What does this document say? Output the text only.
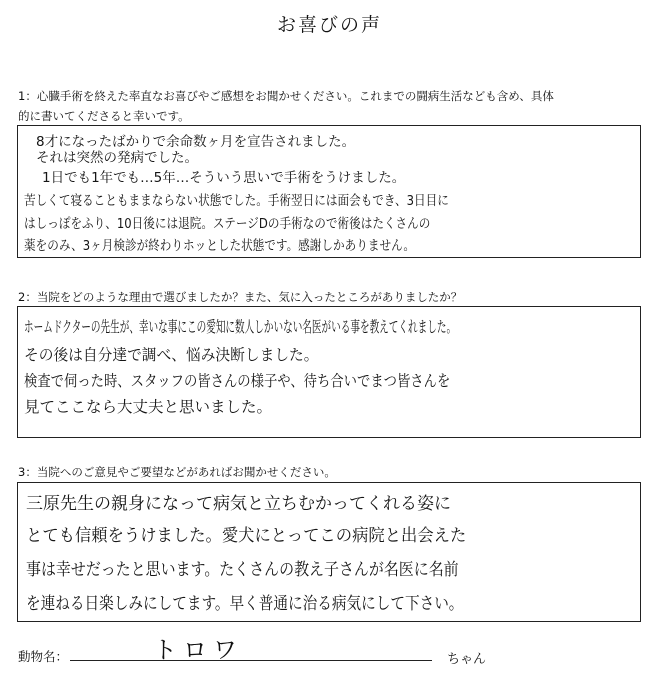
お喜びの声
1：心臓手術を終えた率直なお喜びやご感想をお聞かせください。これまでの闘病生活なども含め、具体
的に書いてくださると幸いです。
8才になったばかりで余命数ヶ月を宣告されました。
それは突然の発病でした。
1日でも1年でも…5年…そういう思いで手術をうけました。
苦しくて寝ることもままならない状態でした。手術翌日には面会もでき、3日目に
はしっぽをふり、10日後には退院。ステージDの手術なので術後はたくさんの
薬をのみ、3ヶ月検診が終わりホッとした状態です。感謝しかありません。
2：当院をどのような理由で選びましたか？また、気に入ったところがありましたか？
ホームドクターの先生が、幸いな事にこの愛知に数人しかいない名医がいる事を教えてくれました。
その後は自分達で調べ、悩み決断しました。
検査で伺った時、スタッフの皆さんの様子や、待ち合いでまつ皆さんを
見てここなら大丈夫と思いました。
3：当院へのご意見やご要望などがあればお聞かせください。
三原先生の親身になって病気と立ちむかってくれる姿に
とても信頼をうけました。愛犬にとってこの病院と出会えた
事は幸せだったと思います。たくさんの教え子さんが名医に名前
を連ねる日楽しみにしてます。早く普通に治る病気にして下さい。
動物名：	トロワ	ちゃん
